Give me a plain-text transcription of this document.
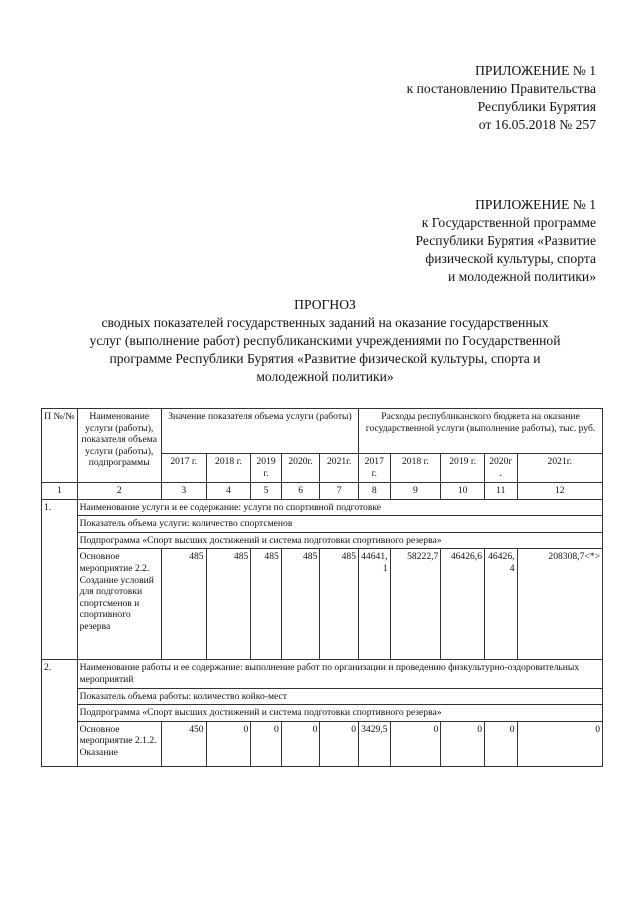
ПРИЛОЖЕНИЕ № 1
к постановлению Правительства
Республики Бурятия
от 16.05.2018 № 257
ПРИЛОЖЕНИЕ № 1
к Государственной программе
Республики Бурятия «Развитие
физической культуры, спорта
и молодежной политики»
ПРОГНОЗ
сводных показателей государственных заданий на оказание государственных
услуг (выполнение работ) республиканскими учреждениями по Государственной
программе Республики Бурятия «Развитие физической культуры, спорта и
молодежной политики»
П №/№	Наименование услуги (работы), показателя объема услуги (работы), подпрограммы	Значение показателя объема услуги (работы)					Расходы республиканского бюджета на оказание государственной услуги (выполнение работы), тыс. руб.				
		2017 г.	2018 г.	2019 г.	2020г.	2021г.	2017 г.	2018 г.	2019 г.	2020г .	2021г.
1	2	3	4	5	6	7	8	9	10	11	12
1.	Наименование услуги и ее содержание: услуги по спортивной подготовке										
	Показатель объема услуги: количество спортсменов										
	Подпрограмма «Спорт высших достижений и система подготовки спортивного резерва»										
	Основное мероприятие 2.2. Создание условий для подготовки спортсменов и спортивного резерва	485	485	485	485	485	44641,1	58222,7	46426,6	46426,4	208308,7<*>
2.	Наименование работы и ее содержание: выполнение работ по организации и проведению физкультурно-оздоровительных мероприятий										
	Показатель объема работы: количество койко-мест										
	Подпрограмма «Спорт высших достижений и система подготовки спортивного резерва»										
	Основное мероприятие 2.1.2. Оказание	450	0	0	0	0	3429,5	0	0	0	0
